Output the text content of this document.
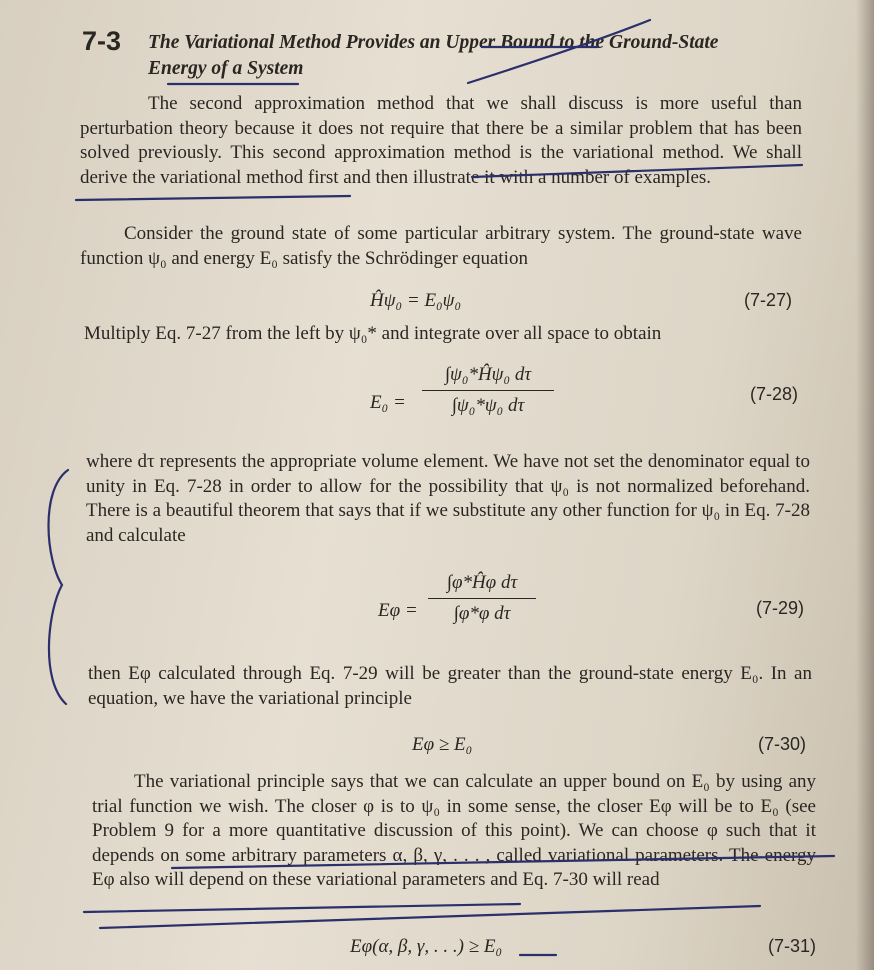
7-3 The Variational Method Provides an Upper Bound to the Ground-State Energy of a System
The second approximation method that we shall discuss is more useful than perturbation theory because it does not require that there be a similar problem that has been solved previously. This second approximation method is the variational method. We shall derive the variational method first and then illustrate it with a number of examples.
Consider the ground state of some particular arbitrary system. The ground-state wave function ψ₀ and energy E₀ satisfy the Schrödinger equation
Ĥψ₀ = E₀ψ₀	(7-27)
Multiply Eq. 7-27 from the left by ψ₀* and integrate over all space to obtain
E₀ =
∫ψ₀*Ĥψ₀ dτ
∫ψ₀*ψ₀ dτ
(7-28)
where dτ represents the appropriate volume element. We have not set the denominator equal to unity in Eq. 7-28 in order to allow for the possibility that ψ₀ is not normalized beforehand. There is a beautiful theorem that says that if we substitute any other function for ψ₀ in Eq. 7-28 and calculate
Eφ =
∫φ*Ĥφ dτ
∫φ*φ dτ	(7-29)
then Eφ calculated through Eq. 7-29 will be greater than the ground-state energy E₀. In an equation, we have the variational principle
Eφ ≥ E₀	(7-30)
The variational principle says that we can calculate an upper bound on E₀ by using any trial function we wish. The closer φ is to ψ₀ in some sense, the closer Eφ will be to E₀ (see Problem 9 for a more quantitative discussion of this point). We can choose φ such that it depends on some arbitrary parameters α, β, γ, . . . , called variational parameters. The energy Eφ also will depend on these variational parameters and Eq. 7-30 will read
Eφ(α, β, γ, . . .) ≥ E₀	(7-31)
